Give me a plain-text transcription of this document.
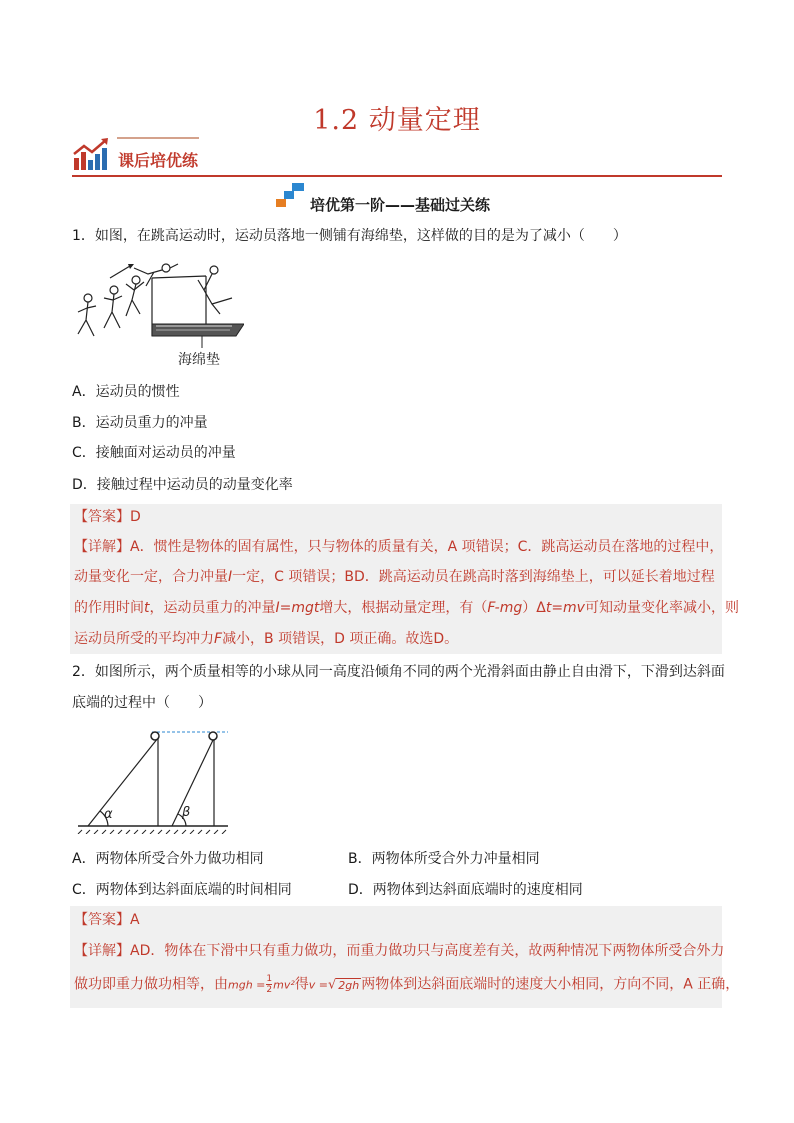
1.2 动量定理
课后培优练
培优第一阶——基础过关练
1．如图，在跳高运动时，运动员落地一侧铺有海绵垫，这样做的目的是为了减小（　　）
海绵垫
A．运动员的惯性
B．运动员重力的冲量
C．接触面对运动员的冲量
D．接触过程中运动员的动量变化率
【答案】D
【详解】A．惯性是物体的固有属性，只与物体的质量有关，A 项错误；C．跳高运动员在落地的过程中，
动量变化一定，合力冲量I一定，C 项错误；BD．跳高运动员在跳高时落到海绵垫上，可以延长着地过程
的作用时间t，运动员重力的冲量I=mgt增大，根据动量定理，有（F-mg）Δt=mv可知动量变化率减小，则
运动员所受的平均冲力F减小，B 项错误，D 项正确。故选D。
2．如图所示，两个质量相等的小球从同一高度沿倾角不同的两个光滑斜面由静止自由滑下，下滑到达斜面
底端的过程中（　　）
α	β
A．两物体所受合外力做功相同	B．两物体所受合外力冲量相同
C．两物体到达斜面底端的时间相同	D．两物体到达斜面底端时的速度相同
【答案】A
【详解】AD．物体在下滑中只有重力做功，而重力做功只与高度差有关，故两种情况下两物体所受合外力
做功即重力做功相等，由mgh = $\frac{1}{2} mv^2$得v =√ 2gh 两物体到达斜面底端时的速度大小相同，方向不同，A 正确，
